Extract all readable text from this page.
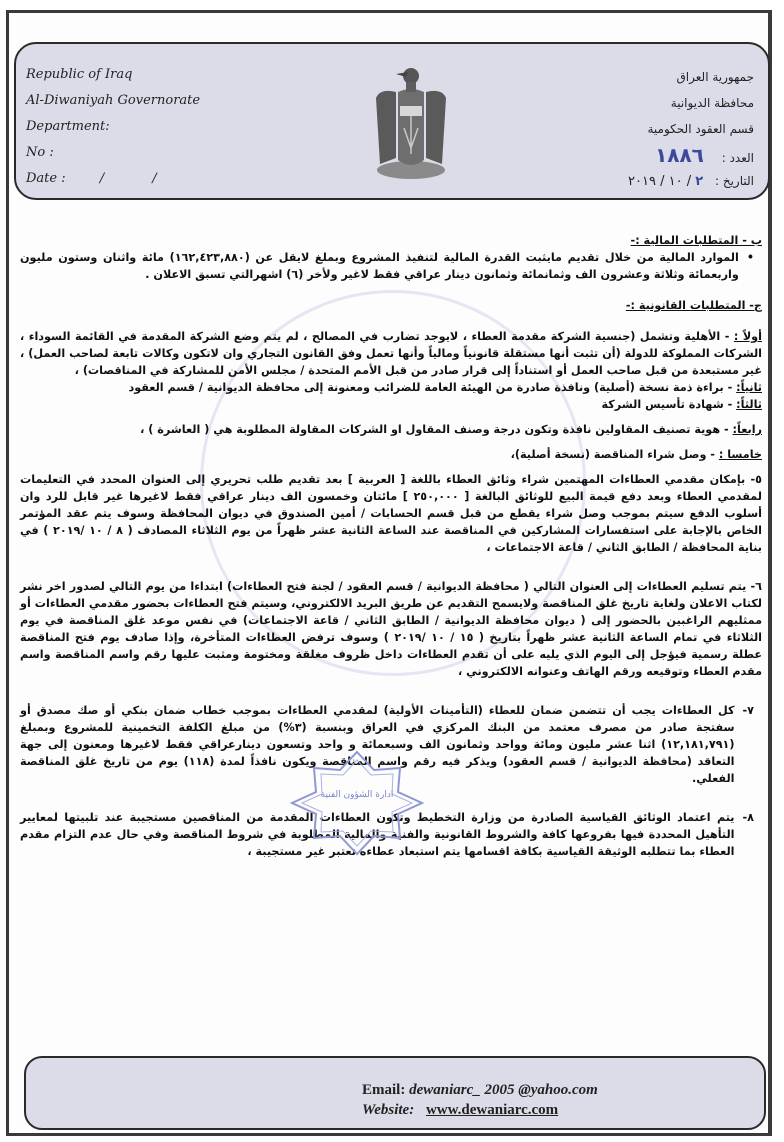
Republic of Iraq
Al-Diwaniyah Governorate
Department:
No :
Date :	/ /
جمهورية العراق
محافظة الديوانية
قسم العقود الحكومية
العدد : ١٨٨٦
التاريخ : ٢ / ١٠ / ٢٠١٩

ب - المتطلبات المالية :-

•

الموارد المالية من خلال تقديم مايثبت القدرة المالية لتنفيذ المشروع وبملغ لايقل عن (١٦٢,٤٢٣,٨٨٠) مائة واثنان وستون مليون واربعمائة وثلاثة وعشرون الف وثمانمائة وثمانون دينار عراقي فقط لاغير ولأخر (٦) اشهرالتي تسبق الاعلان .

ج- المتطلبات القانونية :-

أولاً : - الأهلية وتشمل (جنسية الشركة مقدمة العطاء ، لايوجد تضارب في المصالح ، لم يتم وضع الشركة المقدمة في القائمة السوداء ، الشركات المملوكة للدولة (أن تثبت أنها مستقلة قانونياً ومالياً وأنها تعمل وفق القانون التجاري وان لاتكون وكالات تابعة لصاحب العمل) ، غير مستبعدة من قبل صاحب العمل أو استناداً إلى قرار صادر من قبل الأمم المتحدة / مجلس الأمن للمشاركة في المناقصات) ،

ثانياً: - براءة ذمة نسخة (أصلية) ونافذة صادرة من الهيئة العامة للضرائب ومعنونة إلى محافظة الديوانية / قسم العقود

ثالثاً: - شهادة تأسيس الشركة

رابعاً: - هوية تصنيف المقاولين نافذة وتكون درجة وصنف المقاول او الشركات المقاولة المطلوبة هي ( العاشرة ) ،

خامسا : - وصل شراء المناقصة (نسخة أصلية)،

٥- بإمكان مقدمي العطاءات المهتمين شراء وثائق العطاء باللغة [ العربية ] بعد تقديم طلب تحريري إلى العنوان المحدد في التعليمات لمقدمي العطاء وبعد دفع قيمة البيع للوثائق البالغة [ ٢٥٠,٠٠٠ ] مائتان وخمسون الف دينار عراقي فقط لاغيرها غير قابل للرد وان أسلوب الدفع سيتم بموجب وصل شراء يقطع من قبل قسم الحسابات / أمين الصندوق في ديوان المحافظة وسوف يتم عقد المؤتمر الخاص بالإجابة على استفسارات المشاركين في المناقصة عند الساعة الثانية عشر ظهراً من يوم الثلاثاء المصادف ( ٨ / ١٠ /٢٠١٩ ) في بناية المحافظة / الطابق الثاني / قاعة الاجتماعات ،

٦- يتم تسليم العطاءات إلى العنوان التالي ( محافظة الديوانية / قسم العقود / لجنة فتح العطاءات) ابتداءا من يوم التالي لصدور اخر نشر لكتاب الاعلان ولغاية تاريخ غلق المناقصة ولايسمح التقديم عن طريق البريد الالكتروني، وسيتم فتح العطاءات بحضور مقدمي العطاءات أو ممثليهم الراغبين بالحضور إلى ( ديوان محافظة الديوانية / الطابق الثاني / قاعة الاجتماعات) في نفس موعد غلق المناقصة في يوم الثلاثاء في تمام الساعة الثانية عشر ظهراً بتاريخ ( ١٥ / ١٠ /٢٠١٩ ) وسوف ترفض العطاءات المتأخرة، وإذا صادف يوم فتح المناقصة عطلة رسمية فيؤجل إلى اليوم الذي يليه على أن تقدم العطاءات داخل ظروف مغلقة ومختومة ومثبت عليها رقم واسم المناقصة واسم مقدم العطاء وتوقيعه ورقم الهاتف وعنوانه الالكتروني ،

٧-

كل العطاءات يجب أن تتضمن ضمان للعطاء (التأمينات الأولية) لمقدمي العطاءات بموجب خطاب ضمان بنكي أو صك مصدق أو سفتجة صادر من مصرف معتمد من البنك المركزي في العراق وبنسبة (٣%) من مبلغ الكلفة التخمينية للمشروع وبمبلغ (١٢,١٨١,٧٩١) اثنا عشر مليون ومائة وواحد وثمانون الف وسبعمائة و واحد وتسعون دينارعراقي فقط لاغيرها ومعنون إلى جهة التعاقد (محافظة الديوانية / قسم العقود) ويذكر فيه رقم واسم المناقصة ويكون نافذاً لمدة (١١٨) يوم من تاريخ غلق المناقصة الفعلي.

٨-

يتم اعتماد الوثائق القياسية الصادرة من وزارة التخطيط وتكون العطاءات المقدمة من المناقصين مستجيبة عند تلبيتها لمعايير التأهيل المحددة فيها بفروعها كافة والشروط القانونية والفنية والمالية المطلوبة في شروط المناقصة وفي حال عدم التزام مقدم العطاء بما تتطلبه الوثيقة القياسية بكافة اقسامها يتم استبعاد عطاءه تعتبر غير مستجيبة ،

ادارة الشؤون الفنية
Email: dewaniarc_ 2005 @yahoo.com
Website: www.dewaniarc.com
